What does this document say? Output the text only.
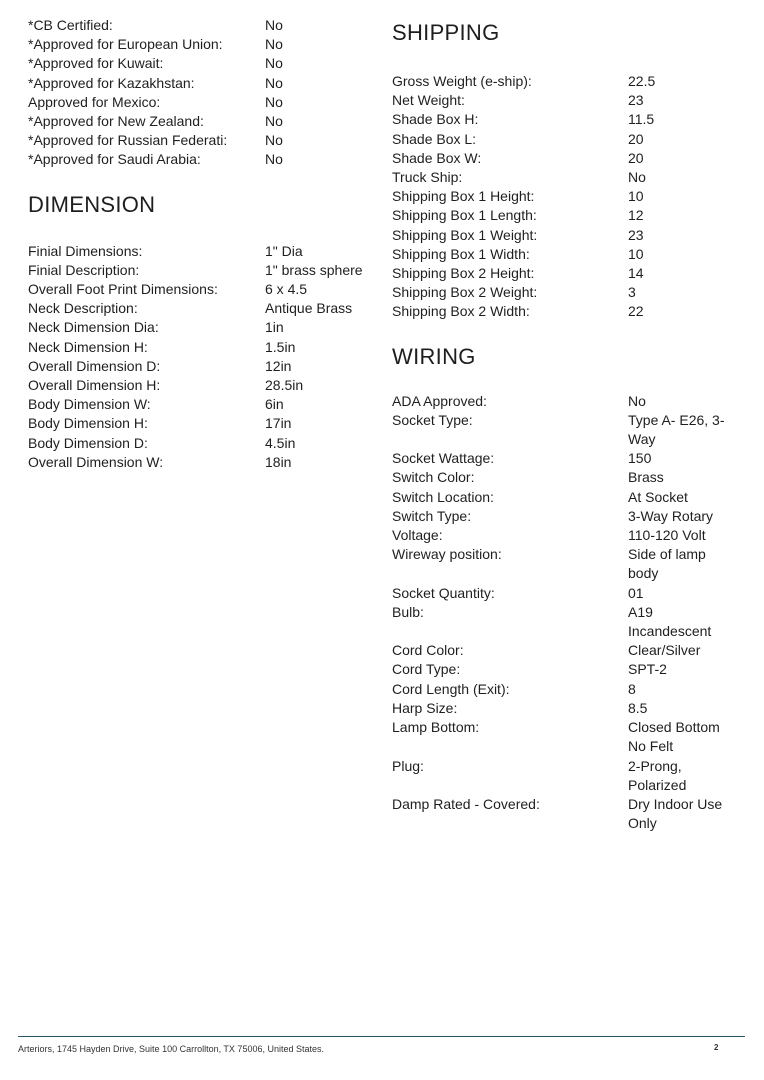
*CB Certified:	No
*Approved for European Union:	No
*Approved for Kuwait:	No
*Approved for Kazakhstan:	No
Approved for Mexico:	No
*Approved for New Zealand:	No
*Approved for Russian Federati:	No
*Approved for Saudi Arabia:	No
DIMENSION
Finial Dimensions:	1" Dia
Finial Description:	1" brass sphere
Overall Foot Print Dimensions:	6 x 4.5
Neck Description:	Antique Brass
Neck Dimension Dia:	1in
Neck Dimension H:	1.5in
Overall Dimension D:	12in
Overall Dimension H:	28.5in
Body Dimension W:	6in
Body Dimension H:	17in
Body Dimension D:	4.5in
Overall Dimension W:	18in
SHIPPING
Gross Weight (e-ship):	22.5
Net Weight:	23
Shade Box H:	11.5
Shade Box L:	20
Shade Box W:	20
Truck Ship:	No
Shipping Box 1 Height:	10
Shipping Box 1 Length:	12
Shipping Box 1 Weight:	23
Shipping Box 1 Width:	10
Shipping Box 2 Height:	14
Shipping Box 2 Weight:	3
Shipping Box 2 Width:	22
WIRING
ADA Approved:	No
Socket Type:	Type A- E26, 3-Way
Socket Wattage:	150
Switch Color:	Brass
Switch Location:	At Socket
Switch Type:	3-Way Rotary
Voltage:	110-120 Volt
Wireway position:	Side of lamp body
Socket Quantity:	01
Bulb:	A19 Incandescent
Cord Color:	Clear/Silver
Cord Type:	SPT-2
Cord Length (Exit):	8
Harp Size:	8.5
Lamp Bottom:	Closed Bottom No Felt
Plug:	2-Prong, Polarized
Damp Rated - Covered:	Dry Indoor Use Only
Arteriors, 1745 Hayden Drive, Suite 100 Carrollton, TX 75006, United States.	2
